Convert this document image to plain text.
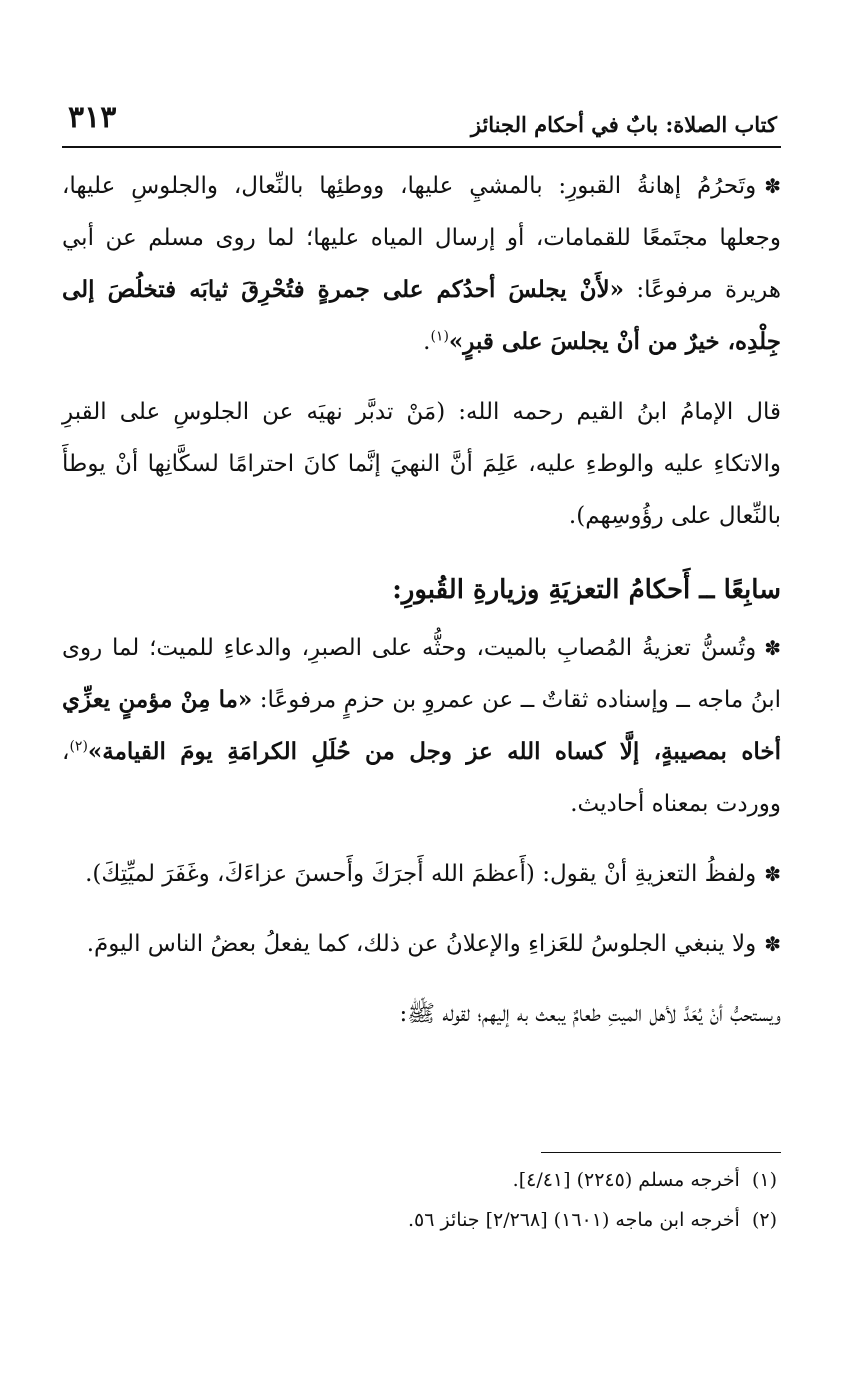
كتاب الصلاة: بابٌ في أحكام الجنائز
٣١٣

✽وتَحرُمُ إهانةُ القبورِ: بالمشيِ عليها، ووطئِها بالنِّعال، والجلوسِ عليها، وجعلها مجتَمعًا للقمامات، أو إرسال المياه عليها؛ لما روى مسلم عن أبي هريرة مرفوعًا: «لأَنْ يجلسَ أحدُكم على جمرةٍ فتُحْرِقَ ثيابَه فتخلُصَ إلى جِلْدِه، خيرٌ من أنْ يجلسَ على قبرٍ»$^{(١)}$.

قال الإمامُ ابنُ القيم رحمه الله: (مَنْ تدبَّر نهيَه عن الجلوسِ على القبرِ والاتكاءِ عليه والوطءِ عليه، عَلِمَ أنَّ النهيَ إنَّما كانَ احترامًا لسكَّانِها أنْ يوطأَ بالنِّعال على رؤُوسِهم).

سابِعًا ــ أَحكامُ التعزيَةِ وزيارةِ القُبورِ:

✽وتُسنُّ تعزيةُ المُصابِ بالميت، وحثُّه على الصبرِ، والدعاءِ للميت؛ لما روى ابنُ ماجه ــ وإسناده ثقاتٌ ــ عن عمروِ بن حزمٍ مرفوعًا: «ما مِنْ مؤمنٍ يعزِّي أخاه بمصيبةٍ، إلَّا كساه الله عز وجل من حُلَلِ الكرامَةِ يومَ القيامة»$^{(٢)}$، ووردت بمعناه أحاديث.

✽ولفظُ التعزيةِ أنْ يقول: (أَعظمَ الله أَجرَكَ وأَحسنَ عزاءَكَ، وغَفَرَ لميِّتِكَ).

✽ولا ينبغي الجلوسُ للعَزاءِ والإعلانُ عن ذلك، كما يفعلُ بعضُ الناس اليومَ.

ويستحبُّ أنْ يُعَدَّ لأهل الميتِ طعامٌ يبعث به إليهم؛ لقوله ﷺ:

(١)  أخرجه مسلم (٢٢٤٥) [٤/٤١].

(٢)  أخرجه ابن ماجه (١٦٠١) [٢/٢٦٨] جنائز ٥٦.
